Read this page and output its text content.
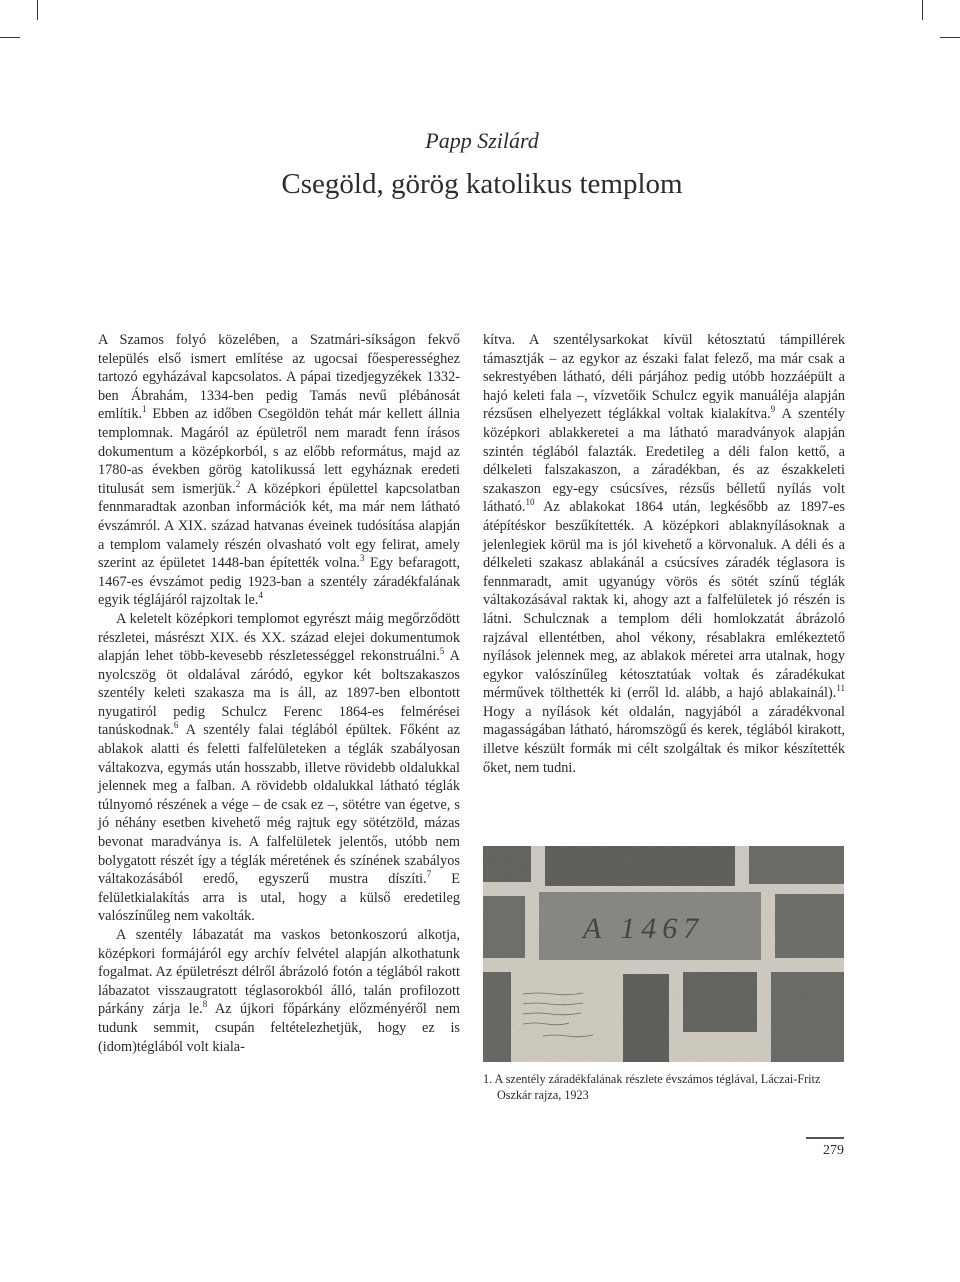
Papp Szilárd
Csegöld, görög katolikus templom

A Szamos folyó közelében, a Szatmári-síkságon fekvő település első ismert említése az ugocsai főesperességhez tartozó egyházával kapcsolatos. A pápai tizedjegyzékek 1332-ben Ábrahám, 1334-ben pedig Tamás nevű plébánosát említik.$^1$ Ebben az időben Csegöldön tehát már kellett állnia templomnak. Magáról az épületről nem maradt fenn írásos dokumentum a középkorból, s az előbb református, majd az 1780-as években görög katolikussá lett egyháznak eredeti titulusát sem ismerjük.$^2$ A középkori épülettel kapcsolatban fennmaradtak azonban információk két, ma már nem látható évszámról. A XIX. század hatvanas éveinek tudósítása alapján a templom valamely részén olvasható volt egy felirat, amely szerint az épületet 1448-ban építették volna.$^3$ Egy befaragott, 1467-es évszámot pedig 1923-ban a szentély záradékfalának egyik téglájáról rajzoltak le.$^4$

A keletelt középkori templomot egyrészt máig megőrződött részletei, másrészt XIX. és XX. század elejei dokumentumok alapján lehet több-kevesebb részletességgel rekonstruálni.$^5$ A nyolcszög öt oldalával záródó, egykor két boltszakaszos szentély keleti szakasza ma is áll, az 1897-ben elbontott nyugatiról pedig Schulcz Ferenc 1864-es felmérései tanúskodnak.$^6$ A szentély falai téglából épültek. Főként az ablakok alatti és feletti falfelületeken a téglák szabályosan váltakozva, egymás után hosszabb, illetve rövidebb oldalukkal jelennek meg a falban. A rövidebb oldalukkal látható téglák túlnyomó részének a vége – de csak ez –, sötétre van égetve, s jó néhány esetben kivehető még rajtuk egy sötétzöld, mázas bevonat maradványa is. A falfelületek jelentős, utóbb nem bolygatott részét így a téglák méretének és színének szabályos váltakozásából eredő, egyszerű mustra díszíti.$^7$ E felületkialakítás arra is utal, hogy a külső eredetileg valószínűleg nem vakolták.

A szentély lábazatát ma vaskos betonkoszorú alkotja, középkori formájáról egy archív felvétel alapján alkothatunk fogalmat. Az épületrészt délről ábrázoló fotón a téglából rakott lábazatot visszaugratott téglasorokból álló, talán profilozott párkány zárja le.$^8$ Az újkori főpárkány előzményéről nem tudunk semmit, csupán feltételezhetjük, hogy ez is (idom)téglából volt kiala-

kítva. A szentélysarkokat kívül kétosztatú támpillérek támasztják – az egykor az északi falat felező, ma már csak a sekrestyében látható, déli párjához pedig utóbb hozzáépült a hajó keleti fala –, vízvetőik Schulcz egyik manuáléja alapján rézsűsen elhelyezett téglákkal voltak kialakítva.$^9$ A szentély középkori ablakkeretei a ma látható maradványok alapján szintén téglából falazták. Eredetileg a déli falon kettő, a délkeleti falszakaszon, a záradékban, és az északkeleti szakaszon egy-egy csúcsíves, rézsűs bélletű nyílás volt látható.$^{10}$ Az ablakokat 1864 után, legkésőbb az 1897-es átépítéskor beszűkítették. A középkori ablaknyílásoknak a jelenlegiek körül ma is jól kivehető a körvonaluk. A déli és a délkeleti szakasz ablakánál a csúcsíves záradék téglasora is fennmaradt, amit ugyanúgy vörös és sötét színű téglák váltakozásával raktak ki, ahogy azt a falfelületek jó részén is látni. Schulcznak a templom déli homlokzatát ábrázoló rajzával ellentétben, ahol vékony, résablakra emlékeztető nyílások jelennek meg, az ablakok méretei arra utalnak, hogy egykor valószínűleg kétosztatúak voltak és záradékukat mérművek tölthették ki (erről ld. alább, a hajó ablakainál).$^{11}$ Hogy a nyílások két oldalán, nagyjából a záradékvonal magasságában látható, háromszögű és kerek, téglából kirakott, illetve készült formák mi célt szolgáltak és mikor készítették őket, nem tudni.

A 1467
1. A szentély záradékfalának részlete évszámos téglával, Láczai-Fritz
Oszkár rajza, 1923
279
